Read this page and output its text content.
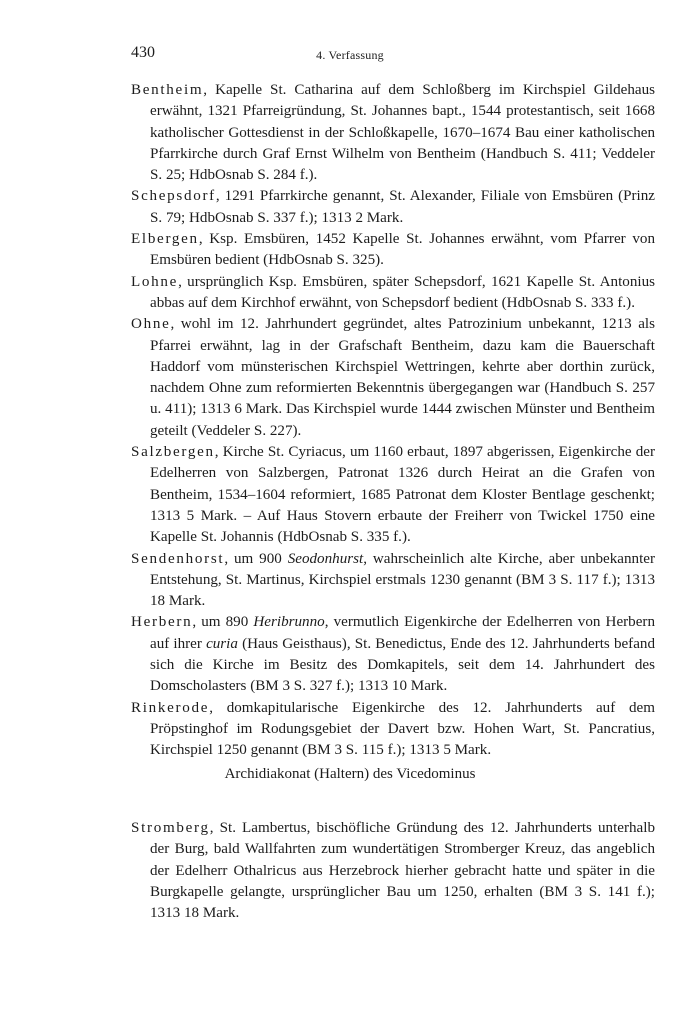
430	4. Verfassung

Bentheim, Kapelle St. Catharina auf dem Schloßberg im Kirchspiel Gildehaus erwähnt, 1321 Pfarreigründung, St. Johannes bapt., 1544 protestantisch, seit 1668 katholischer Gottesdienst in der Schloßkapelle, 1670–1674 Bau einer katholischen Pfarrkirche durch Graf Ernst Wilhelm von Bentheim (Handbuch S. 411; Veddeler S. 25; HdbOsnab S. 284 f.).

Schepsdorf, 1291 Pfarrkirche genannt, St. Alexander, Filiale von Emsbüren (Prinz S. 79; HdbOsnab S. 337 f.); 1313 2 Mark.

Elbergen, Ksp. Emsbüren, 1452 Kapelle St. Johannes erwähnt, vom Pfarrer von Emsbüren bedient (HdbOsnab S. 325).

Lohne, ursprünglich Ksp. Emsbüren, später Schepsdorf, 1621 Kapelle St. Antonius abbas auf dem Kirchhof erwähnt, von Schepsdorf bedient (HdbOsnab S. 333 f.).

Ohne, wohl im 12. Jahrhundert gegründet, altes Patrozinium unbekannt, 1213 als Pfarrei erwähnt, lag in der Grafschaft Bentheim, dazu kam die Bauerschaft Haddorf vom münsterischen Kirchspiel Wettringen, kehrte aber dorthin zurück, nachdem Ohne zum reformierten Bekenntnis übergegangen war (Handbuch S. 257 u. 411); 1313 6 Mark. Das Kirchspiel wurde 1444 zwischen Münster und Bentheim geteilt (Veddeler S. 227).

Salzbergen, Kirche St. Cyriacus, um 1160 erbaut, 1897 abgerissen, Eigenkirche der Edelherren von Salzbergen, Patronat 1326 durch Heirat an die Grafen von Bentheim, 1534–1604 reformiert, 1685 Patronat dem Kloster Bentlage geschenkt; 1313 5 Mark. – Auf Haus Stovern erbaute der Freiherr von Twickel 1750 eine Kapelle St. Johannis (HdbOsnab S. 335 f.).

Sendenhorst, um 900 Seodonhurst, wahrscheinlich alte Kirche, aber unbekannter Entstehung, St. Martinus, Kirchspiel erstmals 1230 genannt (BM 3 S. 117 f.); 1313 18 Mark.

Herbern, um 890 Heribrunno, vermutlich Eigenkirche der Edelherren von Herbern auf ihrer curia (Haus Geisthaus), St. Benedictus, Ende des 12. Jahrhunderts befand sich die Kirche im Besitz des Domkapitels, seit dem 14. Jahrhundert des Domscholasters (BM 3 S. 327 f.); 1313 10 Mark.

Rinkerode, domkapitularische Eigenkirche des 12. Jahrhunderts auf dem Pröpstinghof im Rodungsgebiet der Davert bzw. Hohen Wart, St. Pancratius, Kirchspiel 1250 genannt (BM 3 S. 115 f.); 1313 5 Mark.

Archidiakonat (Haltern) des Vicedominus

Stromberg, St. Lambertus, bischöfliche Gründung des 12. Jahrhunderts unterhalb der Burg, bald Wallfahrten zum wundertätigen Stromberger Kreuz, das angeblich der Edelherr Othalricus aus Herzebrock hierher gebracht hatte und später in die Burgkapelle gelangte, ursprünglicher Bau um 1250, erhalten (BM 3 S. 141 f.); 1313 18 Mark.
